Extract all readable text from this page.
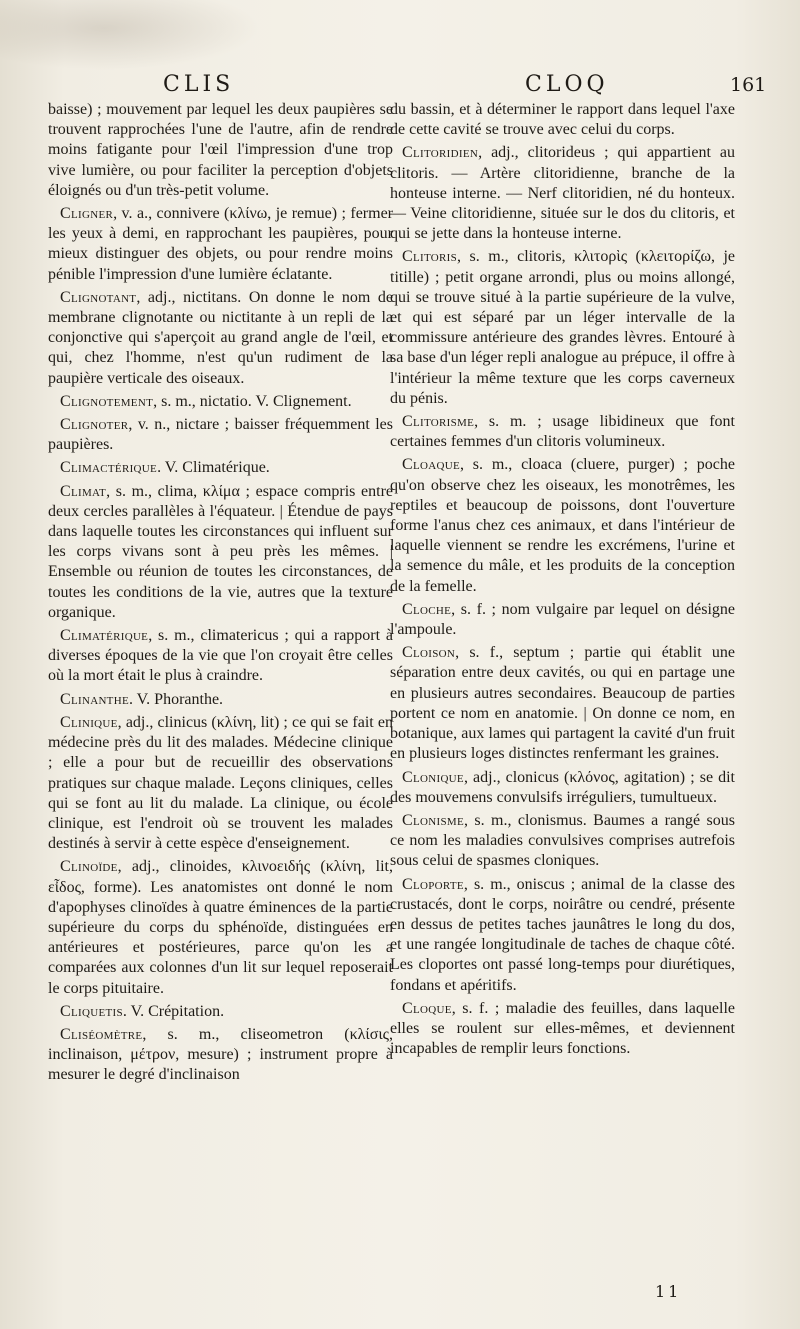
CLIS	CLOQ	161

baisse) ; mouvement par lequel les deux paupières se trouvent rapprochées l'une de l'autre, afin de rendre moins fatigante pour l'œil l'impression d'une trop vive lumière, ou pour faciliter la perception d'objets éloignés ou d'un très-petit volume.

Cligner, v. a., connivere (κλίνω, je remue) ; fermer les yeux à demi, en rapprochant les paupières, pour mieux distinguer des objets, ou pour rendre moins pénible l'impression d'une lumière éclatante.

Clignotant, adj., nictitans. On donne le nom de membrane clignotante ou nictitante à un repli de la conjonctive qui s'aperçoit au grand angle de l'œil, et qui, chez l'homme, n'est qu'un rudiment de la paupière verticale des oiseaux.

Clignotement, s. m., nictatio. V. Clignement.

Clignoter, v. n., nictare ; baisser fréquemment les paupières.

Climactérique. V. Climatérique.

Climat, s. m., clima, κλίμα ; espace compris entre deux cercles parallèles à l'équateur. | Étendue de pays dans laquelle toutes les circonstances qui influent sur les corps vivans sont à peu près les mêmes. | Ensemble ou réunion de toutes les circonstances, de toutes les conditions de la vie, autres que la texture organique.

Climatérique, s. m., climatericus ; qui a rapport à diverses époques de la vie que l'on croyait être celles où la mort était le plus à craindre.

Clinanthe. V. Phoranthe.

Clinique, adj., clinicus (κλίνη, lit) ; ce qui se fait en médecine près du lit des malades. Médecine clinique ; elle a pour but de recueillir des observations pratiques sur chaque malade. Leçons cliniques, celles qui se font au lit du malade. La clinique, ou école clinique, est l'endroit où se trouvent les malades destinés à servir à cette espèce d'enseignement.

Clinoïde, adj., clinoides, κλινοειδής (κλίνη, lit, εἶδος, forme). Les anatomistes ont donné le nom d'apophyses clinoïdes à quatre éminences de la partie supérieure du corps du sphénoïde, distinguées en antérieures et postérieures, parce qu'on les a comparées aux colonnes d'un lit sur lequel reposerait le corps pituitaire.

Cliquetis. V. Crépitation.

Cliséomètre, s. m., cliseometron (κλίσις, inclinaison, μέτρον, mesure) ; instrument propre à mesurer le degré d'inclinaison

du bassin, et à déterminer le rapport dans lequel l'axe de cette cavité se trouve avec celui du corps.

Clitoridien, adj., clitorideus ; qui appartient au clitoris. — Artère clitoridienne, branche de la honteuse interne. — Nerf clitoridien, né du honteux. — Veine clitoridienne, située sur le dos du clitoris, et qui se jette dans la honteuse interne.

Clitoris, s. m., clitoris, κλιτορὶς (κλειτορίζω, je titille) ; petit organe arrondi, plus ou moins allongé, qui se trouve situé à la partie supérieure de la vulve, et qui est séparé par un léger intervalle de la commissure antérieure des grandes lèvres. Entouré à sa base d'un léger repli analogue au prépuce, il offre à l'intérieur la même texture que les corps caverneux du pénis.

Clitorisme, s. m. ; usage libidineux que font certaines femmes d'un clitoris volumineux.

Cloaque, s. m., cloaca (cluere, purger) ; poche qu'on observe chez les oiseaux, les monotrêmes, les reptiles et beaucoup de poissons, dont l'ouverture forme l'anus chez ces animaux, et dans l'intérieur de laquelle viennent se rendre les excrémens, l'urine et la semence du mâle, et les produits de la conception de la femelle.

Cloche, s. f. ; nom vulgaire par lequel on désigne l'ampoule.

Cloison, s. f., septum ; partie qui établit une séparation entre deux cavités, ou qui en partage une en plusieurs autres secondaires. Beaucoup de parties portent ce nom en anatomie. | On donne ce nom, en botanique, aux lames qui partagent la cavité d'un fruit en plusieurs loges distinctes renfermant les graines.

Clonique, adj., clonicus (κλόνος, agitation) ; se dit des mouvemens convulsifs irréguliers, tumultueux.

Clonisme, s. m., clonismus. Baumes a rangé sous ce nom les maladies convulsives comprises autrefois sous celui de spasmes cloniques.

Cloporte, s. m., oniscus ; animal de la classe des crustacés, dont le corps, noirâtre ou cendré, présente en dessus de petites taches jaunâtres le long du dos, et une rangée longitudinale de taches de chaque côté. Les cloportes ont passé long-temps pour diurétiques, fondans et apéritifs.

Cloque, s. f. ; maladie des feuilles, dans laquelle elles se roulent sur elles-mêmes, et deviennent incapables de remplir leurs fonctions.

11
